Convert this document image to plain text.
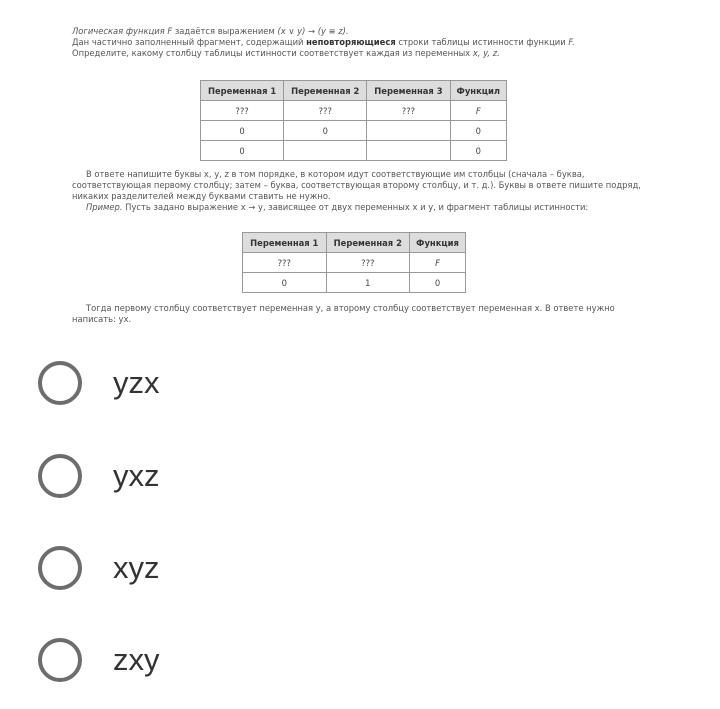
Логическая функция F задаётся выражением (x ∨ y) → (y ≡ z).
Дан частично заполненный фрагмент, содержащий неповторяющиеся строки таблицы истинности функции F.
Определите, какому столбцу таблицы истинности соответствует каждая из переменных x, y, z.
Переменная 1	Переменная 2	Переменная 3	Функцил
???	???	???	F
0	0		0
0			0
В ответе напишите буквы x, y, z в том порядке, в котором идут соответствующие им столбцы (сначала – буква, соответствующая первому столбцу; затем – буква, соответствующая второму столбцу, и т. д.). Буквы в ответе пишите подряд, никаких разделителей между буквами ставить не нужно.
Пример. Пусть задано выражение x → y, зависящее от двух переменных x и y, и фрагмент таблицы истинности:
Переменная 1	Переменная 2	Функция
???	???	F
0	1	0
Тогда первому столбцу соответствует переменная y, а второму столбцу соответствует переменная x. В ответе нужно написать: yx.
yzx
yxz
xyz
zxy
